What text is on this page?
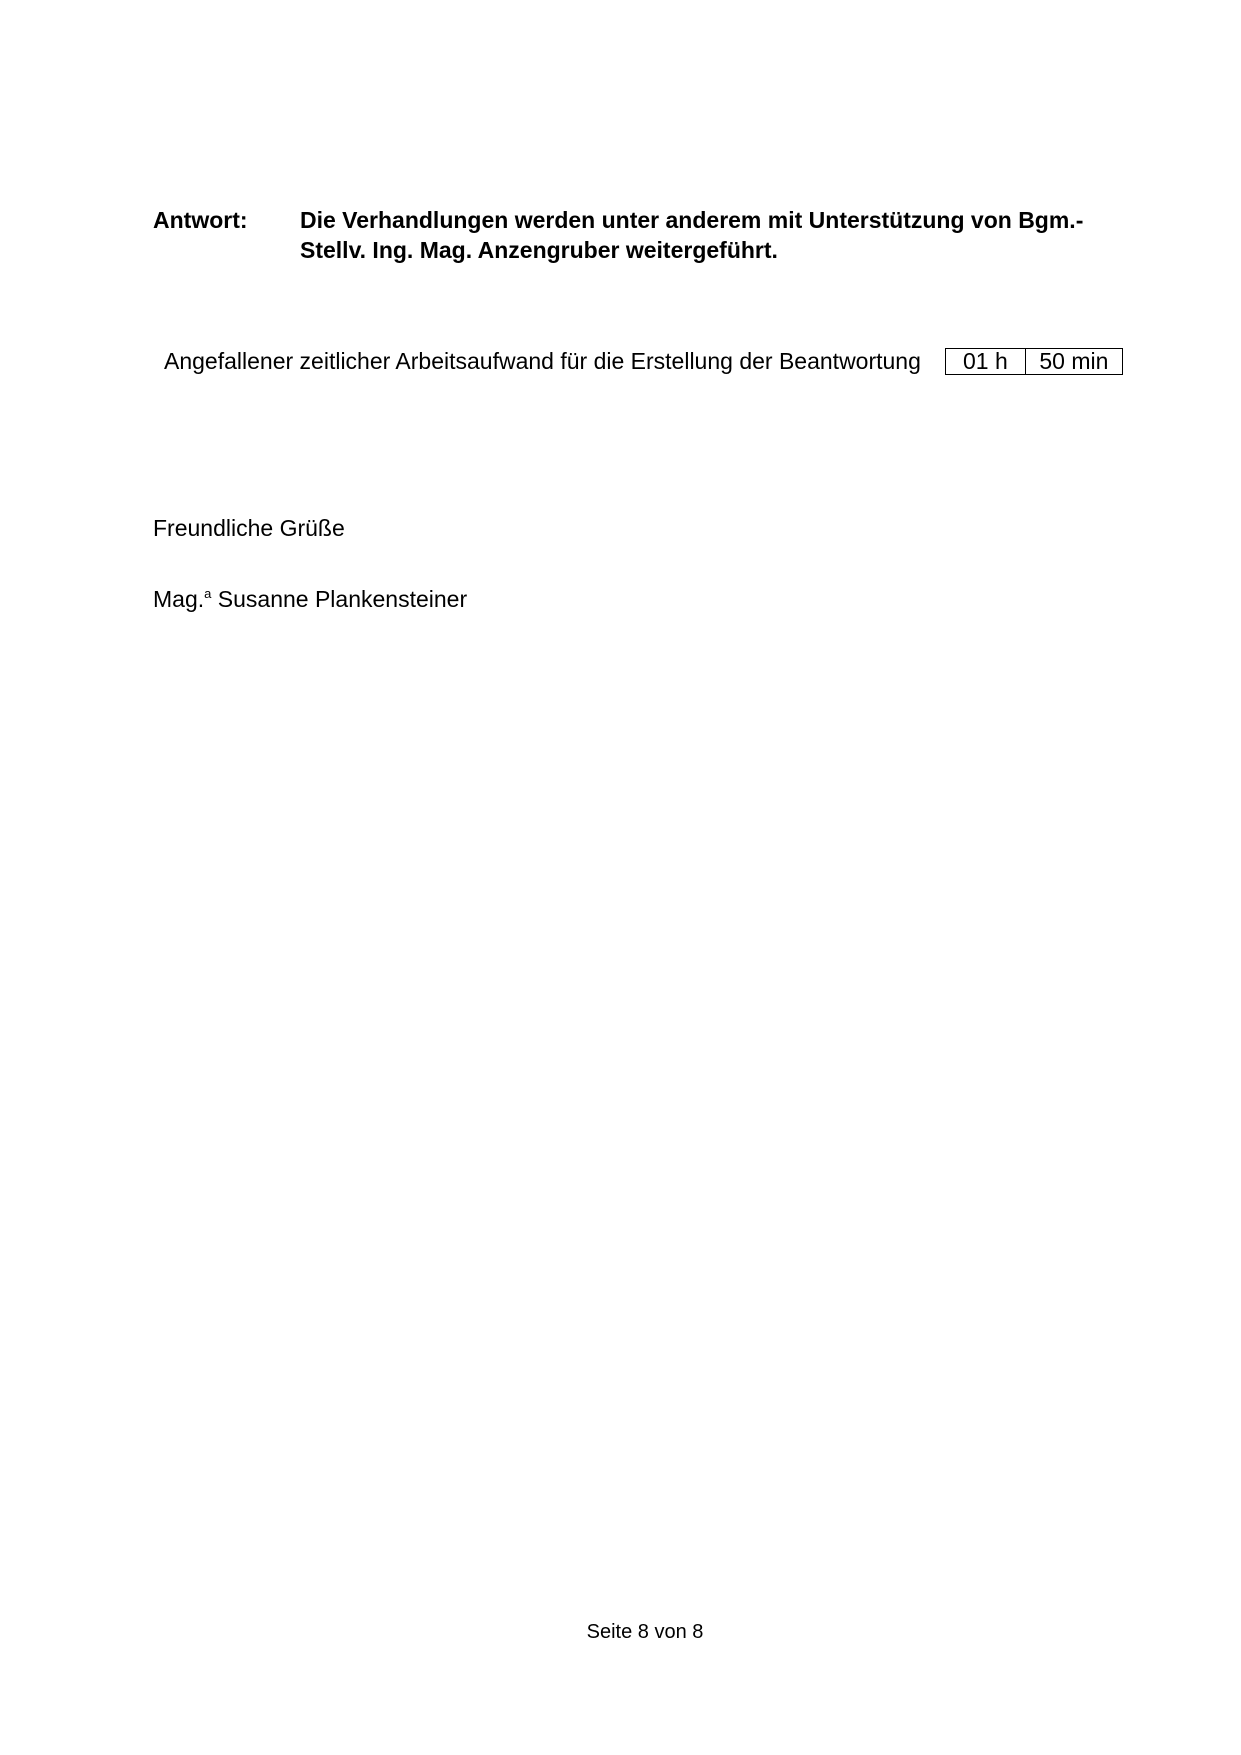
Antwort:	Die Verhandlungen werden unter anderem mit Unterstützung von Bgm.-Stellv. Ing. Mag. Anzengruber weitergeführt.
Angefallener zeitlicher Arbeitsaufwand für die Erstellung der Beantwortung 01 h	50 min
Freundliche Grüße
Mag.$^a$ Susanne Plankensteiner
Seite 8 von 8
